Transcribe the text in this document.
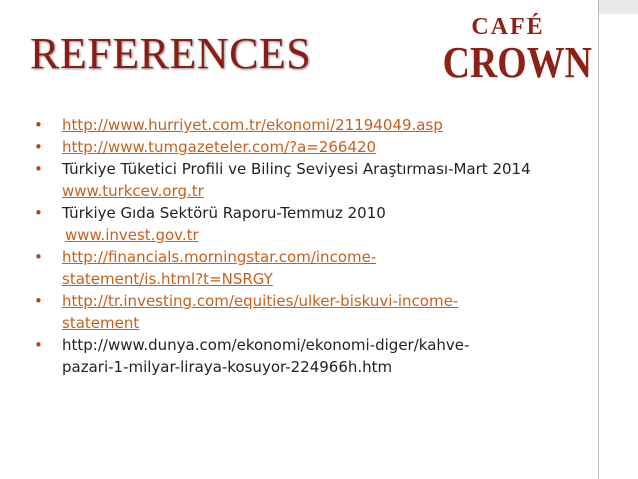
REFERENCES
CAFÉ
CROWN
•	http://www.hurriyet.com.tr/ekonomi/21194049.asp
•	http://www.tumgazeteler.com/?a=266420
•	Türkiye Tüketici Profili ve Bilinç Seviyesi Araştırması-Mart 2014
www.turkcev.org.tr
•	Türkiye Gıda Sektörü Raporu-Temmuz 2010
www.invest.gov.tr
•	http://financials.morningstar.com/income-
statement/is.html?t=NSRGY
•	http://tr.investing.com/equities/ulker-biskuvi-income-
statement
•	http://www.dunya.com/ekonomi/ekonomi-diger/kahve-
pazari-1-milyar-liraya-kosuyor-224966h.htm
